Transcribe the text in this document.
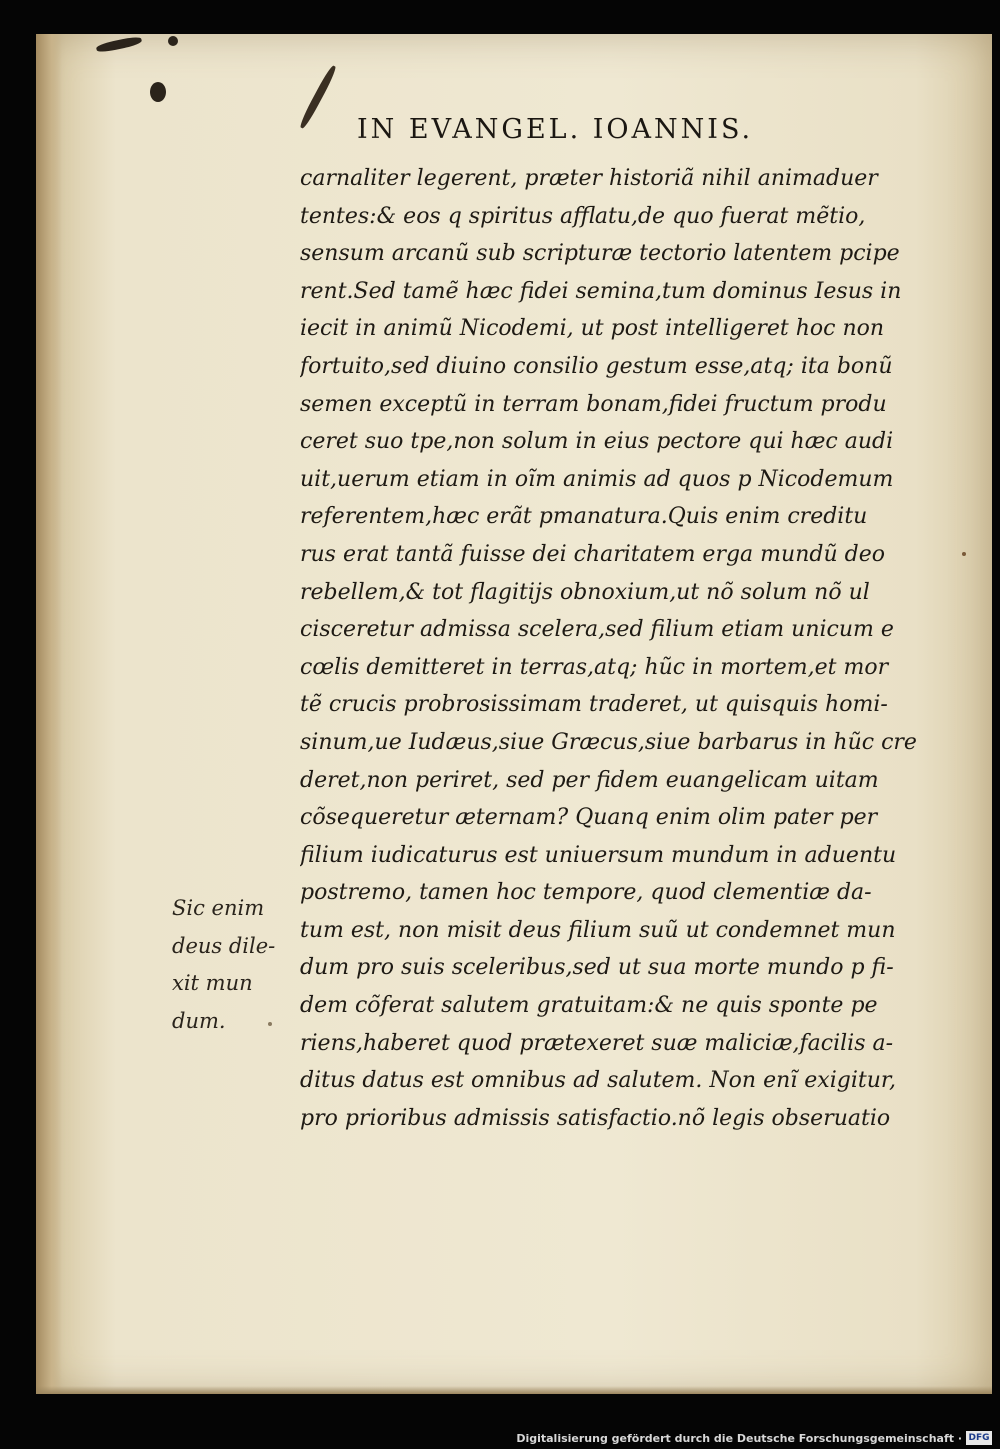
IN EVANGEL. IOANNIS.
carnaliter legerent, præter historiã nihil animaduer
tentes:& eos q spiritus afflatu,de quo fuerat mẽtio,
sensum arcanũ sub scripturæ tectorio latentem pcipe
rent.Sed tamẽ hæc fidei semina,tum dominus Iesus in
iecit in animũ Nicodemi, ut post intelligeret hoc non
fortuito,sed diuino consilio gestum esse,atq; ita bonũ
semen exceptũ in terram bonam,fidei fructum produ
ceret suo tpe,non solum in eius pectore qui hæc audi
uit,uerum etiam in oĩm animis ad quos p Nicodemum
referentem,hæc erãt pmanatura.Quis enim creditu
rus erat tantã fuisse dei charitatem erga mundũ deo
rebellem,& tot flagitijs obnoxium,ut nõ solum nõ ul
cisceretur admissa scelera,sed filium etiam unicum e
cœlis demitteret in terras,atq; hũc in mortem,et mor
tẽ crucis probrosissimam traderet, ut quisquis homi-
sinum,ue Iudæus,siue Græcus,siue barbarus in hũc cre
deret,non periret, sed per fidem euangelicam uitam
cõsequeretur æternam? Quanq enim olim pater per
filium iudicaturus est uniuersum mundum in aduentu
postremo, tamen hoc tempore, quod clementiæ da-
tum est, non misit deus filium suũ ut condemnet mun
dum pro suis sceleribus,sed ut sua morte mundo p fi-
dem cõferat salutem gratuitam:& ne quis sponte pe
riens,haberet quod prætexeret suæ maliciæ,facilis a-
ditus datus est omnibus ad salutem. Non enĩ exigitur,
pro prioribus admissis satisfactio.nõ legis obseruatio
Sic enim
deus dile-
xit mun
dum.
Digitalisierung gefördert durch die Deutsche Forschungsgemeinschaft · DFG
